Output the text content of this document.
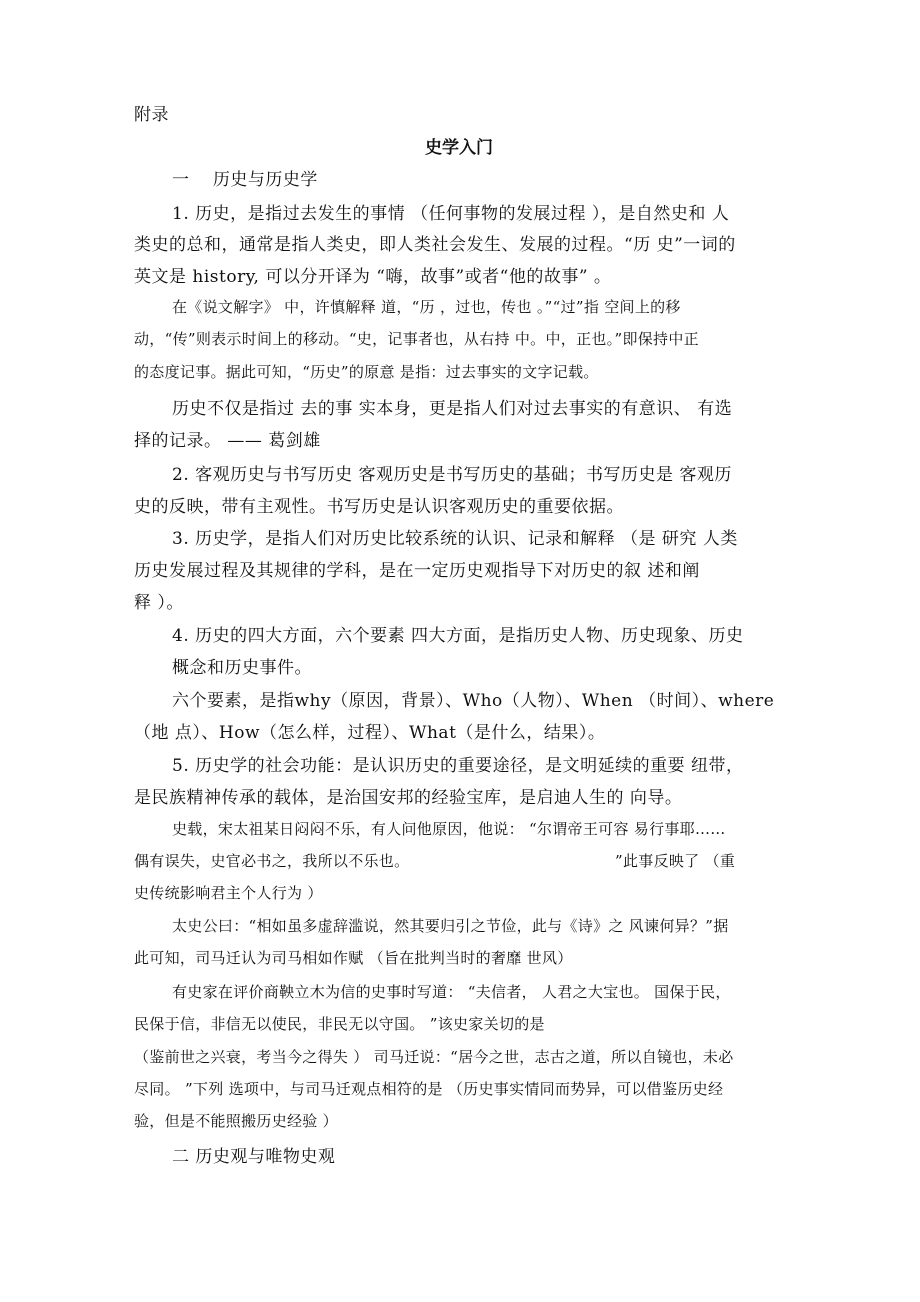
附录
史学入门
一　 历史与历史学
1. 历史，是指过去发生的事情 （任何事物的发展过程 ），是自然史和 人
类史的总和，通常是指人类史，即人类社会发生、发展的过程。“历 史”一词的
英文是 history, 可以分开译为 “嗨，故事”或者“他的故事” 。
在《说文解字》 中，许慎解释 道，“历 ，过也，传也 。”“过”指 空间上的移
动，“传”则表示时间上的移动。“史，记事者也，从右持 中。中，正也。”即保持中正
的态度记事。据此可知，“历史”的原意 是指：过去事实的文字记载。
历史不仅是指过 去的事 实本身，更是指人们对过去事实的有意识、 有选
择的记录。 —— 葛剑雄
2. 客观历史与书写历史 客观历史是书写历史的基础；书写历史是 客观历
史的反映，带有主观性。书写历史是认识客观历史的重要依据。
3. 历史学，是指人们对历史比较系统的认识、记录和解释 （是 研究 人类
历史发展过程及其规律的学科，是在一定历史观指导下对历史的叙 述和阐
释 ）。
4. 历史的四大方面，六个要素 四大方面，是指历史人物、历史现象、历史
概念和历史事件。
六个要素，是指why（原因，背景）、Who（人物）、When （时间）、where
（地 点）、How（怎么样，过程）、What（是什么，结果）。
5. 历史学的社会功能：是认识历史的重要途径，是文明延续的重要 纽带，
是民族精神传承的载体，是治国安邦的经验宝库，是启迪人生的 向导。
史载，宋太祖某日闷闷不乐，有人问他原因，他说： “尔谓帝王可容 易行事耶……
偶有误失，史官必书之，我所以不乐也。	”此事反映了 （重
史传统影响君主个人行为 ）
太史公曰：“相如虽多虚辞滥说，然其要归引之节俭，此与《诗》之 风谏何异？”据
此可知，司马迁认为司马相如作赋 （旨在批判当时的奢靡 世风）
有史家在评价商鞅立木为信的史事时写道： “夫信者， 人君之大宝也。 国保于民，
民保于信，非信无以使民，非民无以守国。 ”该史家关切的是
（鉴前世之兴衰，考当今之得失 ） 司马迁说：“居今之世，志古之道，所以自镜也，未必
尽同。 ”下列 选项中，与司马迁观点相符的是 （历史事实情同而势异，可以借鉴历史经
验，但是不能照搬历史经验 ）
二 历史观与唯物史观
